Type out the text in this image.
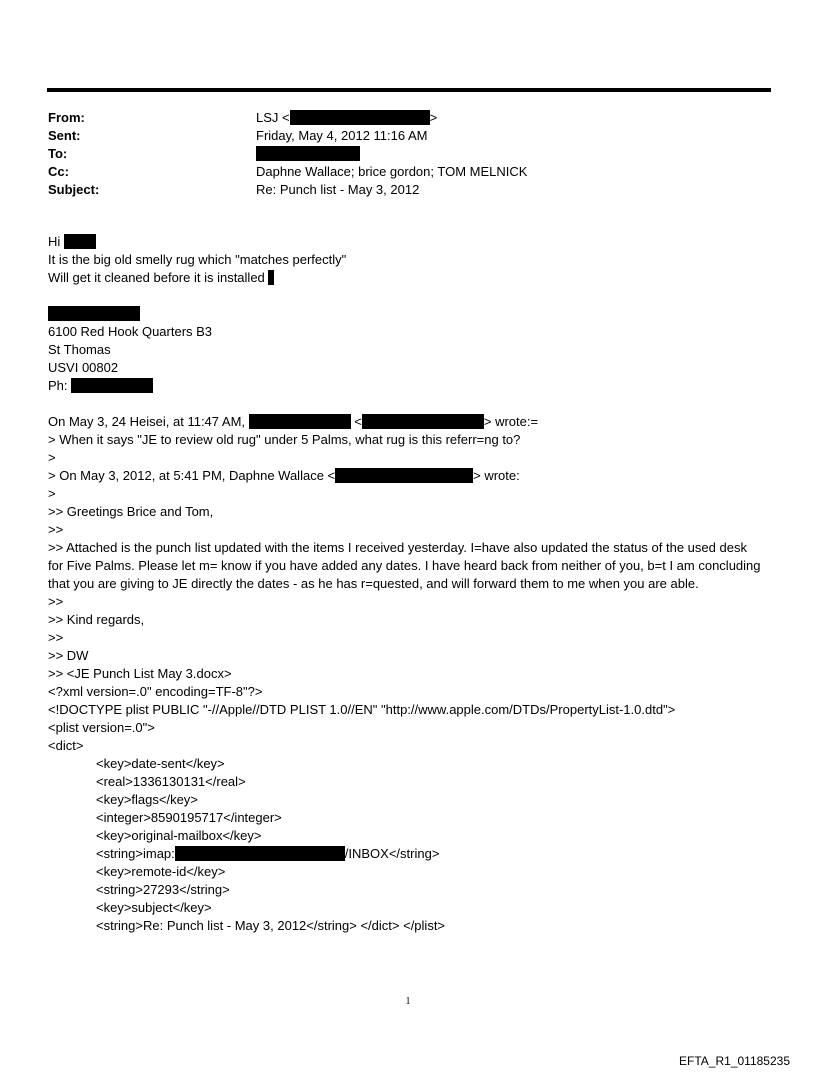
From:	LSJ <	>
Sent:	Friday, May 4, 2012 11:16 AM
To:
Cc:	Daphne Wallace; brice gordon; TOM MELNICK
Subject:	Re: Punch list - May 3, 2012
Hi
It is the big old smelly rug which "matches perfectly"
Will get it cleaned before it is installed
6100 Red Hook Quarters B3
St Thomas
USVI 00802
Ph:
On May 3, 24 Heisei, at 11:47 AM,	<	> wrote:=
> When it says "JE to review old rug" under 5 Palms, what rug is this referr=ng to?
>
> On May 3, 2012, at 5:41 PM, Daphne Wallace <	> wrote:
>
>> Greetings Brice and Tom,
>>
>> Attached is the punch list updated with the items I received yesterday. I=have also updated the status of the used desk for Five Palms. Please let m= know if you have added any dates. I have heard back from neither of you, b=t I am concluding that you are giving to JE directly the dates - as he has r=quested, and will forward them to me when you are able.
>>
>> Kind regards,
>>
>> DW
>> <JE Punch List May 3.docx>
<?xml version=.0" encoding=TF-8"?>
<!DOCTYPE plist PUBLIC "-//Apple//DTD PLIST 1.0//EN" "http://www.apple.com/DTDs/PropertyList-1.0.dtd">
<plist version=.0">
<dict>
<key>date-sent</key>
<real>1336130131</real>
<key>flags</key>
<integer>8590195717</integer>
<key>original-mailbox</key>
<string>imap:	/INBOX</string>
<key>remote-id</key>
<string>27293</string>
<key>subject</key>
<string>Re: Punch list - May 3, 2012</string> </dict> </plist>
1
EFTA_R1_01185235
